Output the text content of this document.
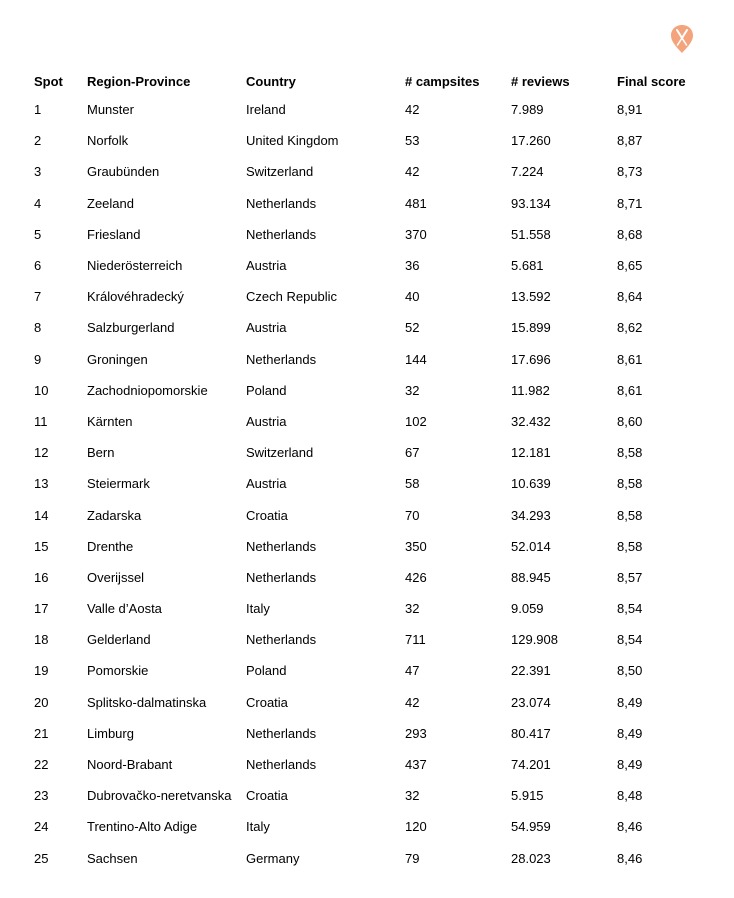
Spot	Region-Province	Country	# campsites	# reviews	Final score
1	Munster	Ireland	42	7.989	8,91
2	Norfolk	United Kingdom	53	17.260	8,87
3	Graubünden	Switzerland	42	7.224	8,73
4	Zeeland	Netherlands	481	93.134	8,71
5	Friesland	Netherlands	370	51.558	8,68
6	Niederösterreich	Austria	36	5.681	8,65
7	Královéhradecký	Czech Republic	40	13.592	8,64
8	Salzburgerland	Austria	52	15.899	8,62
9	Groningen	Netherlands	144	17.696	8,61
10	Zachodniopomorskie	Poland	32	11.982	8,61
11	Kärnten	Austria	102	32.432	8,60
12	Bern	Switzerland	67	12.181	8,58
13	Steiermark	Austria	58	10.639	8,58
14	Zadarska	Croatia	70	34.293	8,58
15	Drenthe	Netherlands	350	52.014	8,58
16	Overijssel	Netherlands	426	88.945	8,57
17	Valle d’Aosta	Italy	32	9.059	8,54
18	Gelderland	Netherlands	711	129.908	8,54
19	Pomorskie	Poland	47	22.391	8,50
20	Splitsko-dalmatinska	Croatia	42	23.074	8,49
21	Limburg	Netherlands	293	80.417	8,49
22	Noord-Brabant	Netherlands	437	74.201	8,49
23	Dubrovačko-neretvanska	Croatia	32	5.915	8,48
24	Trentino-Alto Adige	Italy	120	54.959	8,46
25	Sachsen	Germany	79	28.023	8,46
